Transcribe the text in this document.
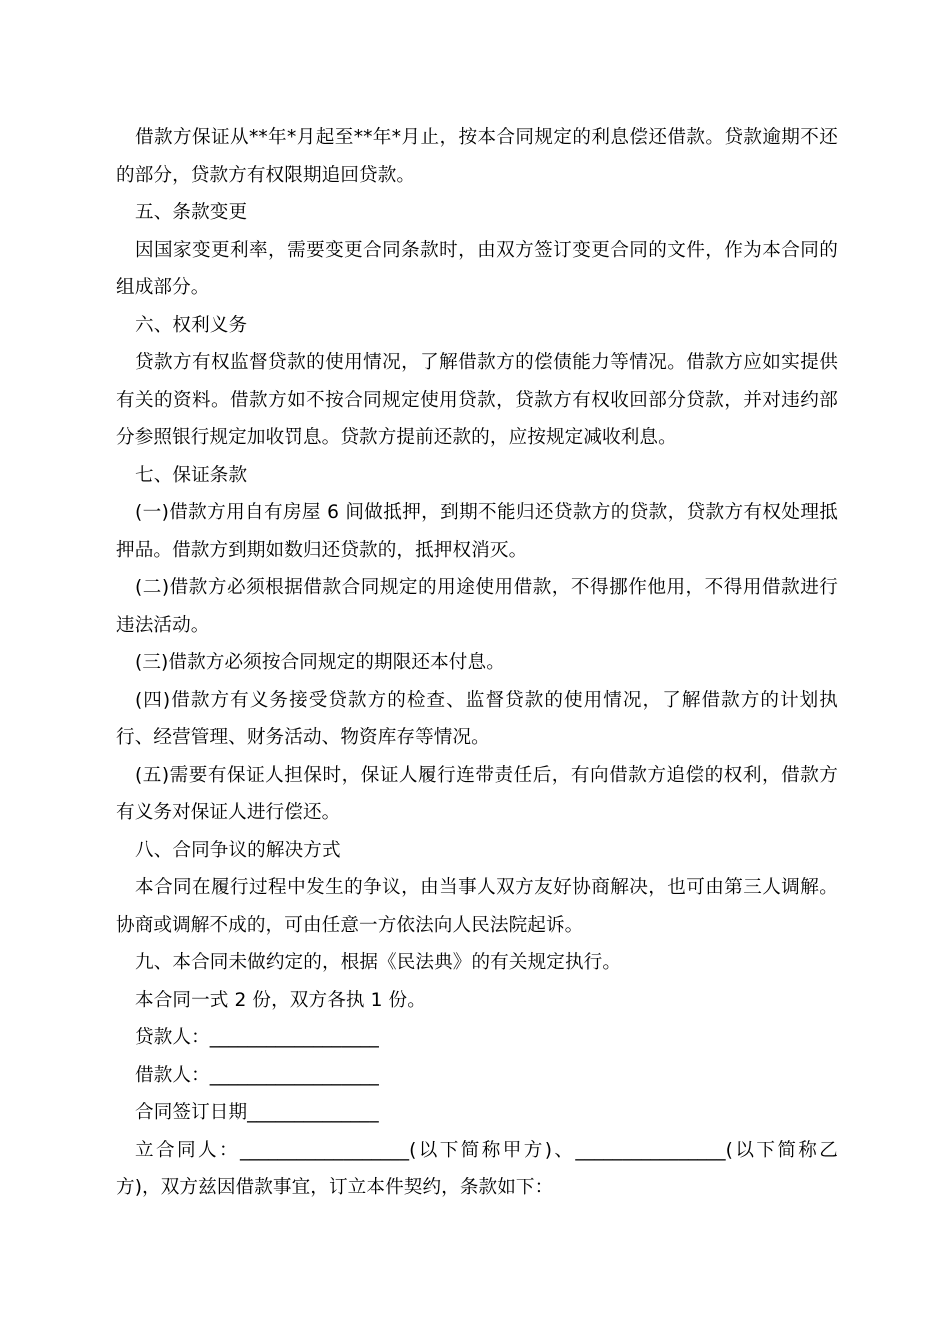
借款方保证从**年*月起至**年*月止，按本合同规定的利息偿还借款。贷款逾期不还的部分，贷款方有权限期追回贷款。

五、条款变更

因国家变更利率，需要变更合同条款时，由双方签订变更合同的文件，作为本合同的组成部分。

六、权利义务

贷款方有权监督贷款的使用情况，了解借款方的偿债能力等情况。借款方应如实提供有关的资料。借款方如不按合同规定使用贷款，贷款方有权收回部分贷款，并对违约部分参照银行规定加收罚息。贷款方提前还款的，应按规定减收利息。

七、保证条款

(一)借款方用自有房屋 6 间做抵押，到期不能归还贷款方的贷款，贷款方有权处理抵押品。借款方到期如数归还贷款的，抵押权消灭。

(二)借款方必须根据借款合同规定的用途使用借款，不得挪作他用，不得用借款进行违法活动。

(三)借款方必须按合同规定的期限还本付息。

(四)借款方有义务接受贷款方的检查、监督贷款的使用情况，了解借款方的计划执行、经营管理、财务活动、物资库存等情况。

(五)需要有保证人担保时，保证人履行连带责任后，有向借款方追偿的权利，借款方有义务对保证人进行偿还。

八、合同争议的解决方式

本合同在履行过程中发生的争议，由当事人双方友好协商解决，也可由第三人调解。协商或调解不成的，可由任意一方依法向人民法院起诉。

九、本合同未做约定的，根据《民法典》的有关规定执行。

本合同一式 2 份，双方各执 1 份。

贷款人：__________________

借款人：__________________

合同签订日期______________

立合同人：__________________(以下简称甲方)、________________(以下简称乙方)，双方兹因借款事宜，订立本件契约，条款如下：
